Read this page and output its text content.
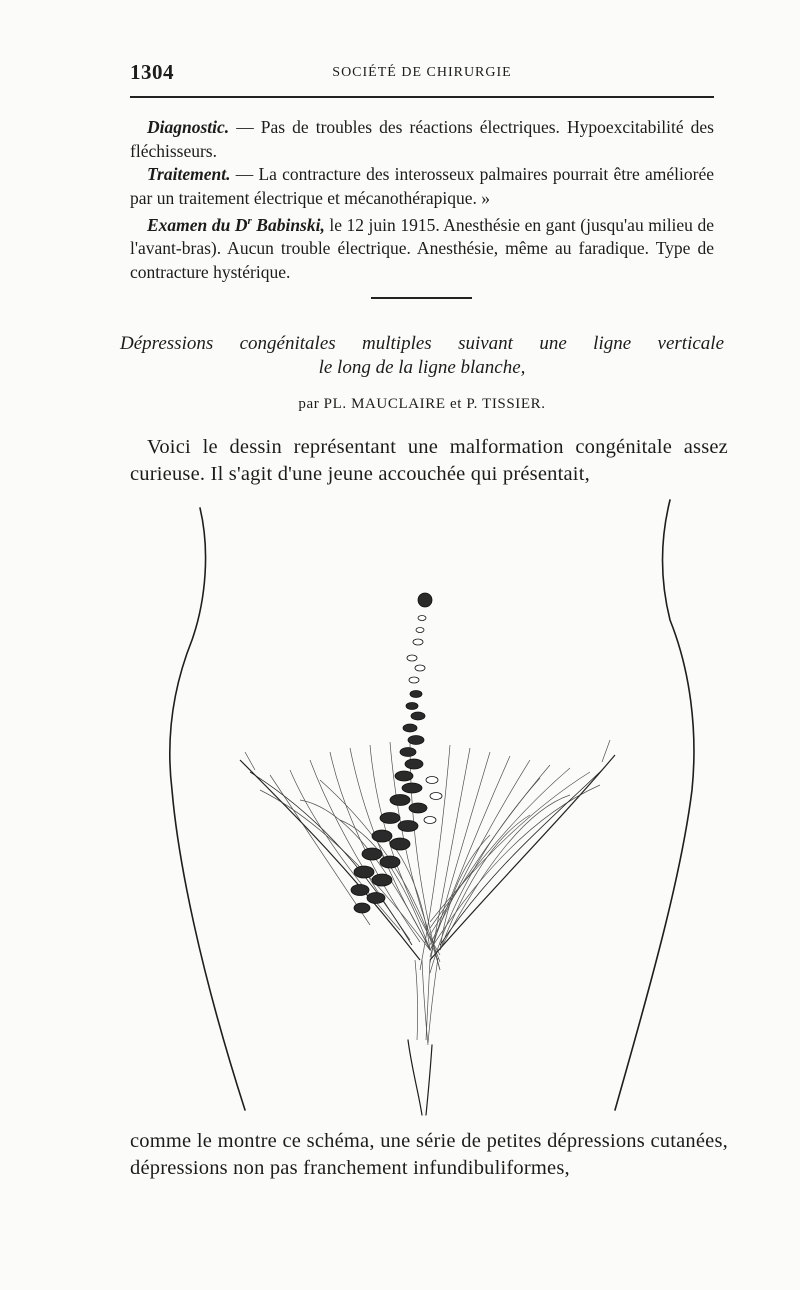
1304	SOCIÉTÉ DE CHIRURGIE

Diagnostic. — Pas de troubles des réactions électriques. Hypoexcitabilité des fléchisseurs.

Traitement. — La contracture des interosseux palmaires pourrait être améliorée par un traitement électrique et mécanothérapique. »

Examen du $D^r$ Babinski, le 12 juin 1915. Anesthésie en gant (jusqu'au milieu de l'avant-bras). Aucun trouble électrique. Anesthésie, même au faradique. Type de contracture hystérique.

Dépressions congénitales multiples suivant une ligne verticale
le long de la ligne blanche,
par PL. MAUCLAIRE et P. TISSIER.

Voici le dessin représentant une malformation congénitale assez curieuse. Il s'agit d'une jeune accouchée qui présentait,

comme le montre ce schéma, une série de petites dépressions cutanées, dépressions non pas franchement infundibuliformes,
